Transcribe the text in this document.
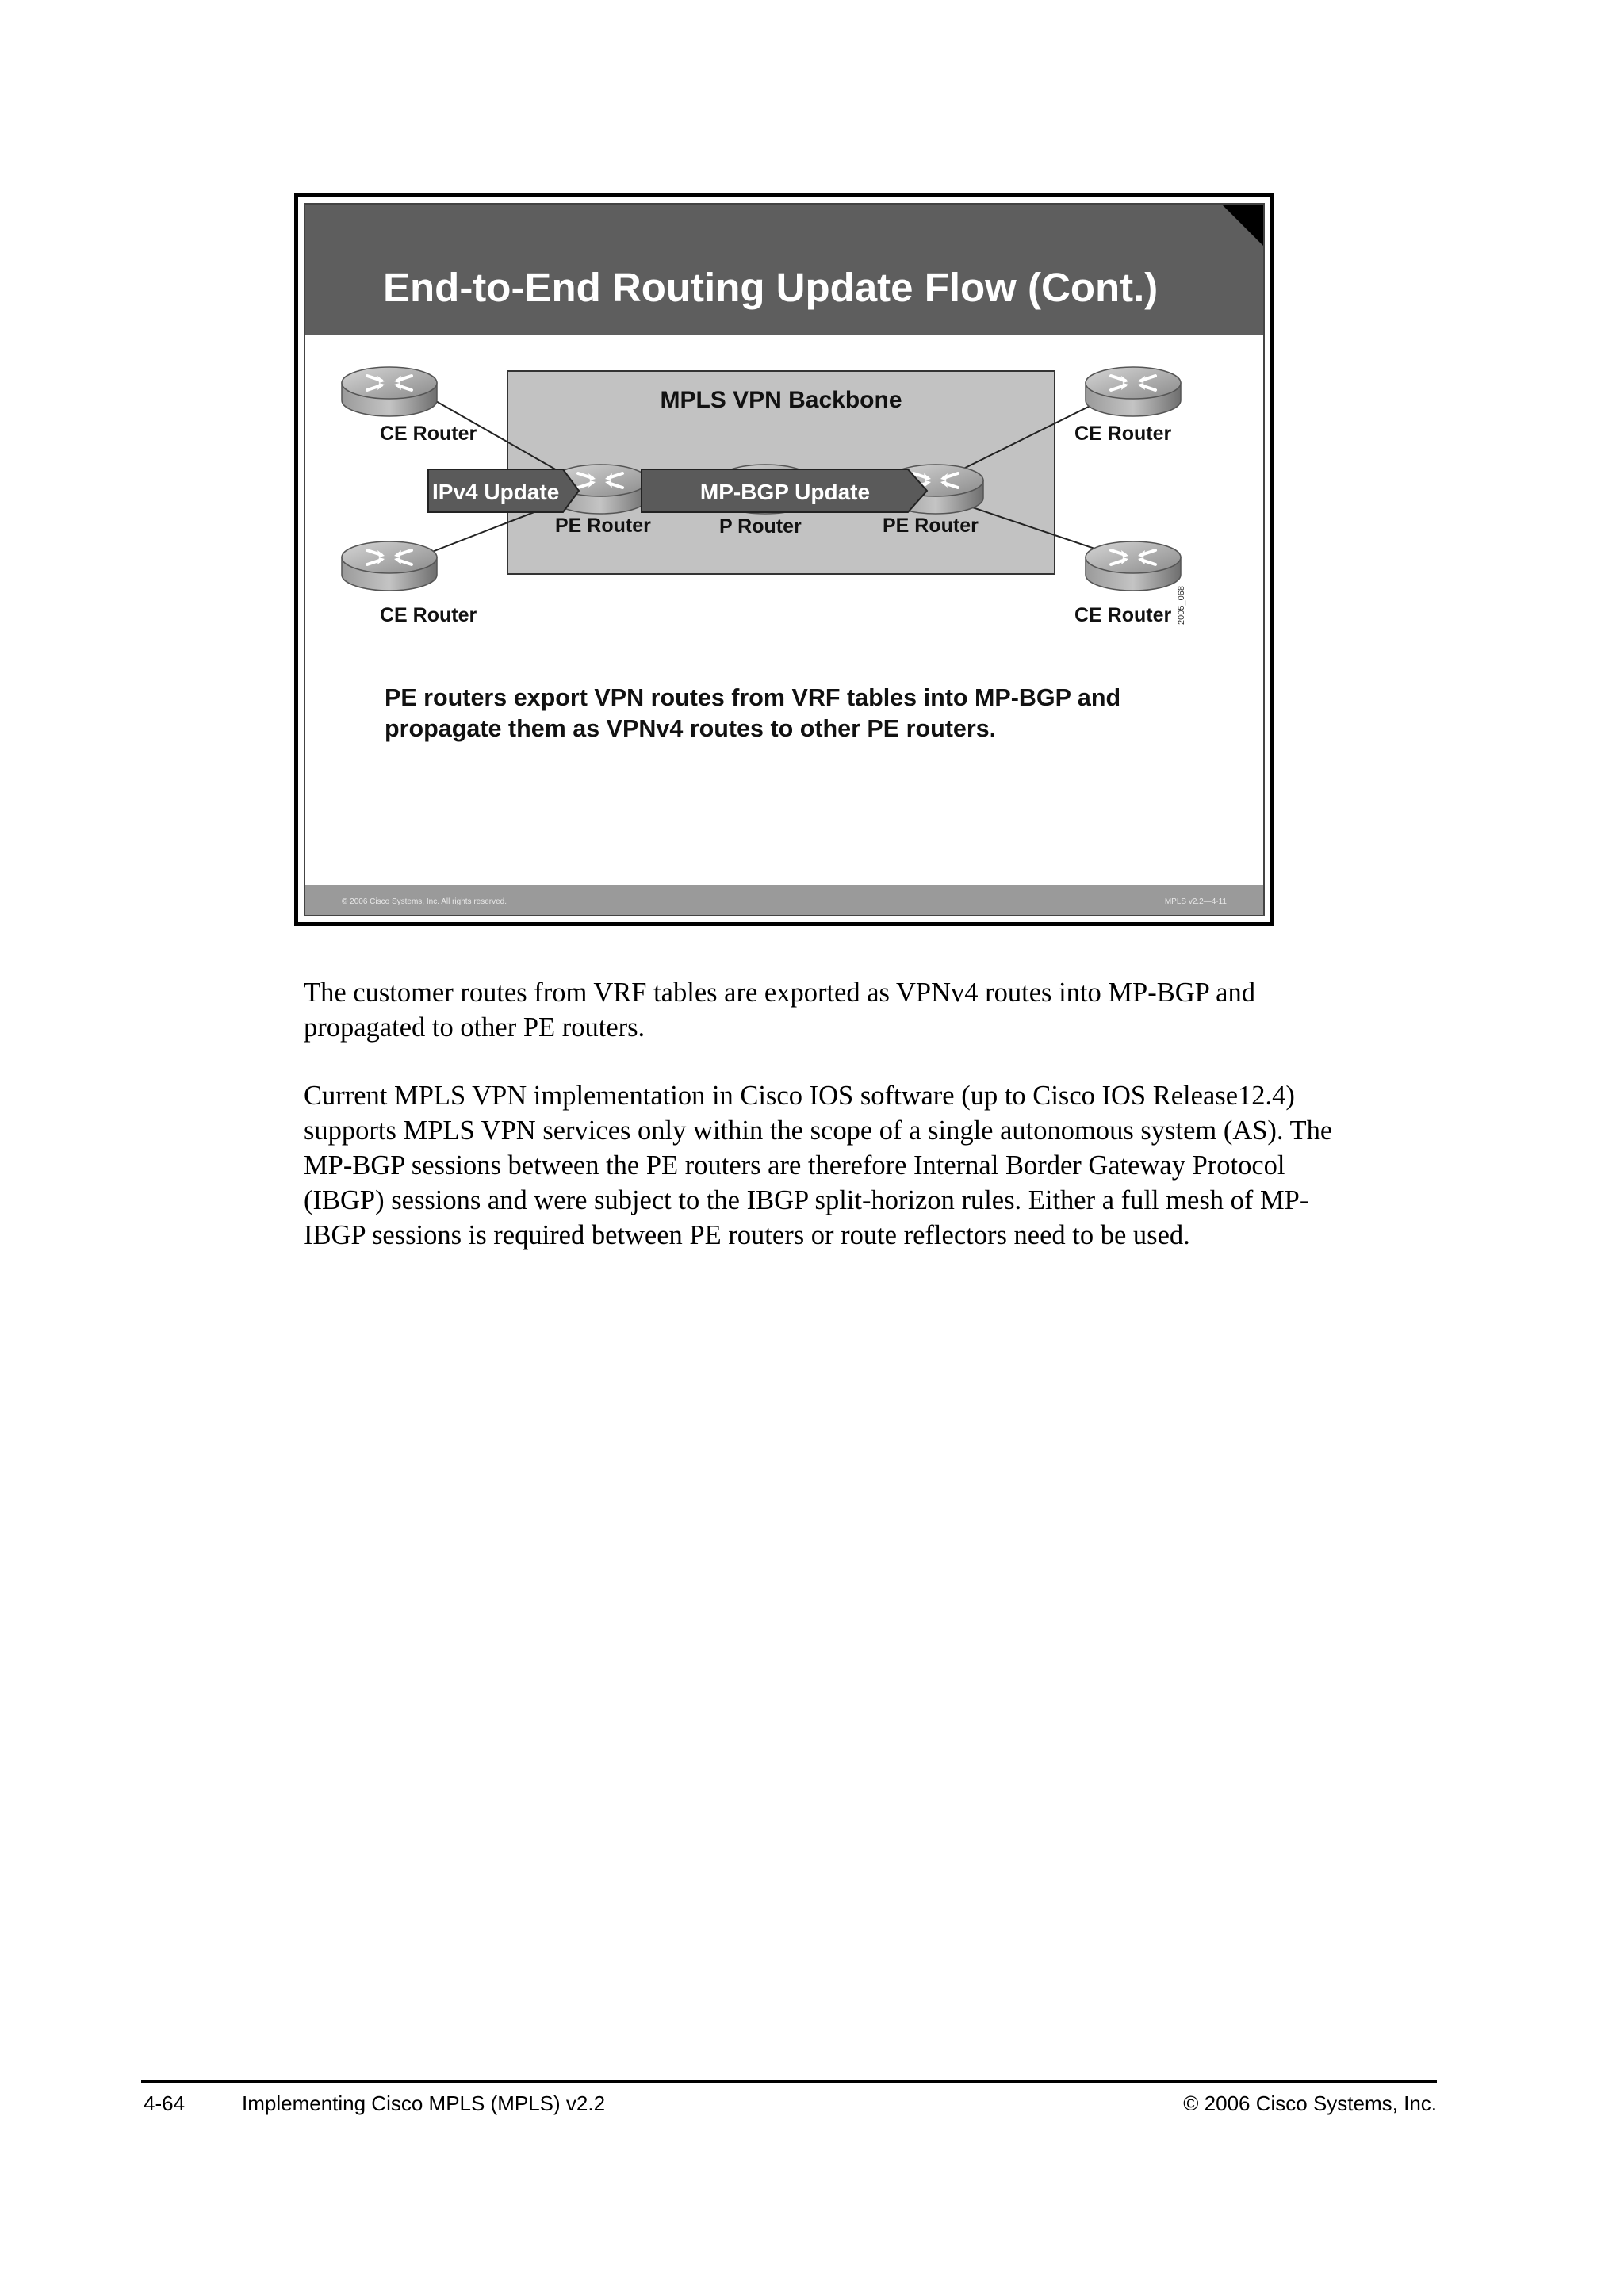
End-to-End Routing Update Flow (Cont.)
MPLS VPN Backbone
IPv4 Update	MP-BGP Update
CE Router
CE Router
CE Router
CE Router
PE Router	P Router	PE Router
2005_068
PE routers export VPN routes from VRF tables into MP-BGP and
propagate them as VPNv4 routes to other PE routers.
© 2006 Cisco Systems, Inc. All rights reserved.	MPLS v2.2—4-11

The customer routes from VRF tables are exported as VPNv4 routes into MP-BGP and
propagated to other PE routers.

Current MPLS VPN implementation in Cisco IOS software (up to Cisco IOS Release12.4)
supports MPLS VPN services only within the scope of a single autonomous system (AS). The
MP-BGP sessions between the PE routers are therefore Internal Border Gateway Protocol
(IBGP) sessions and were subject to the IBGP split-horizon rules. Either a full mesh of MP-
IBGP sessions is required between PE routers or route reflectors need to be used.

4-64	Implementing Cisco MPLS (MPLS) v2.2	© 2006 Cisco Systems, Inc.
